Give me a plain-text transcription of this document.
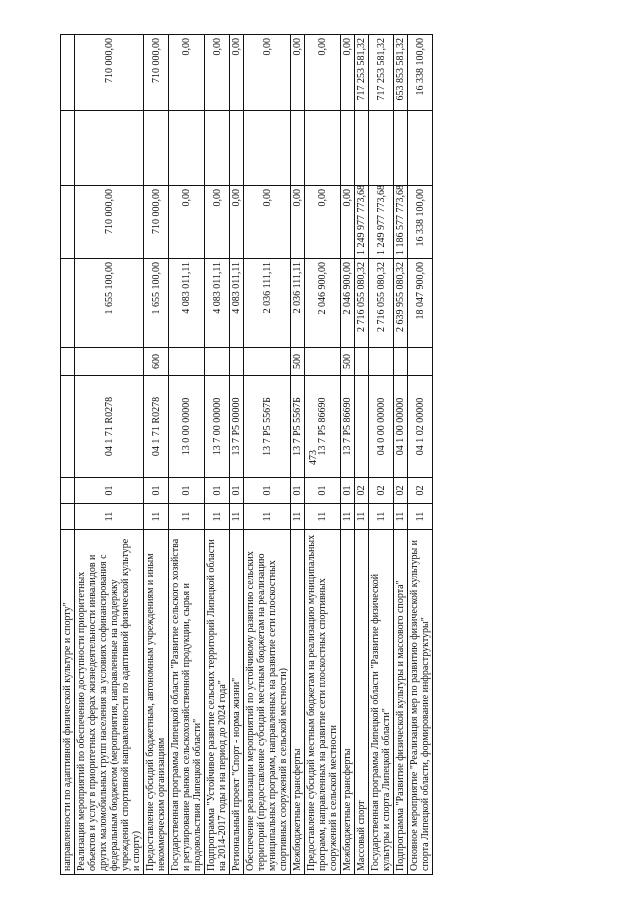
473
направленности по адаптивной физической культуре и спорту"								
Реализация мероприятий по обеспечению доступности приоритетных объектов и услуг в приоритетных сферах жизнедеятельности инвалидов и других маломобильных групп населения за условиях софинансирования с федеральным бюджетом (мероприятия, направленные на поддержку учреждений спортивной направленности по адаптивной физической культуре и спорту)	11	01	04 1 71 R0278		1 655 100,00	710 000,00		710 000,00
Предоставление субсидий бюджетным, автономным учреждениям и иным некоммерческим организациям	11	01	04 1 71 R0278	600	1 655 100,00	710 000,00		710 000,00
Государственная программа Липецкой области "Развитие сельского хозяйства и регулирование рынков сельскохозяйственной продукции, сырья и продовольствия Липецкой области"	11	01	13 0 00 00000		4 083 011,11	0,00		0,00
Подпрограмма "Устойчивое развитие сельских территорий Липецкой области на 2014-2017 годы и на период до 2024 года"	11	01	13 7 00 00000		4 083 011,11	0,00		0,00
Региональный проект "Спорт - норма жизни"	11	01	13 7 P5 00000		4 083 011,11	0,00		0,00
Обеспечение реализации мероприятий по устойчивому развитию сельских территорий (предоставление субсидий местным бюджетам на реализацию муниципальных программ, направленных на развитие сети плоскостных спортивных сооружений в сельской местности)	11	01	13 7 P5 5567Б		2 036 111,11	0,00		0,00
Межбюджетные трансферты	11	01	13 7 P5 5567Б	500	2 036 111,11	0,00		0,00
Предоставление субсидий местным бюджетам на реализацию муниципальных программ, направленных на развитие сети плоскостных спортивных сооружений в сельской местности	11	01	13 7 P5 86690		2 046 900,00	0,00		0,00
Межбюджетные трансферты	11	01	13 7 P5 86690	500	2 046 900,00	0,00		0,00
Массовый спорт	11	02			2 716 055 080,32	1 249 977 773,68		717 253 581,32
Государственная программа Липецкой области "Развитие физической культуры и спорта Липецкой области"	11	02	04 0 00 00000		2 716 055 080,32	1 249 977 773,68		717 253 581,32
Подпрограмма "Развитие физической культуры и массового спорта"	11	02	04 1 00 00000		2 639 955 080,32	1 186 577 773,68		653 853 581,32
Основное мероприятие "Реализация мер по развитию физической культуры и спорта Липецкой области, формирование инфраструктуры"	11	02	04 1 02 00000		18 047 900,00	16 338 100,00		16 338 100,00
